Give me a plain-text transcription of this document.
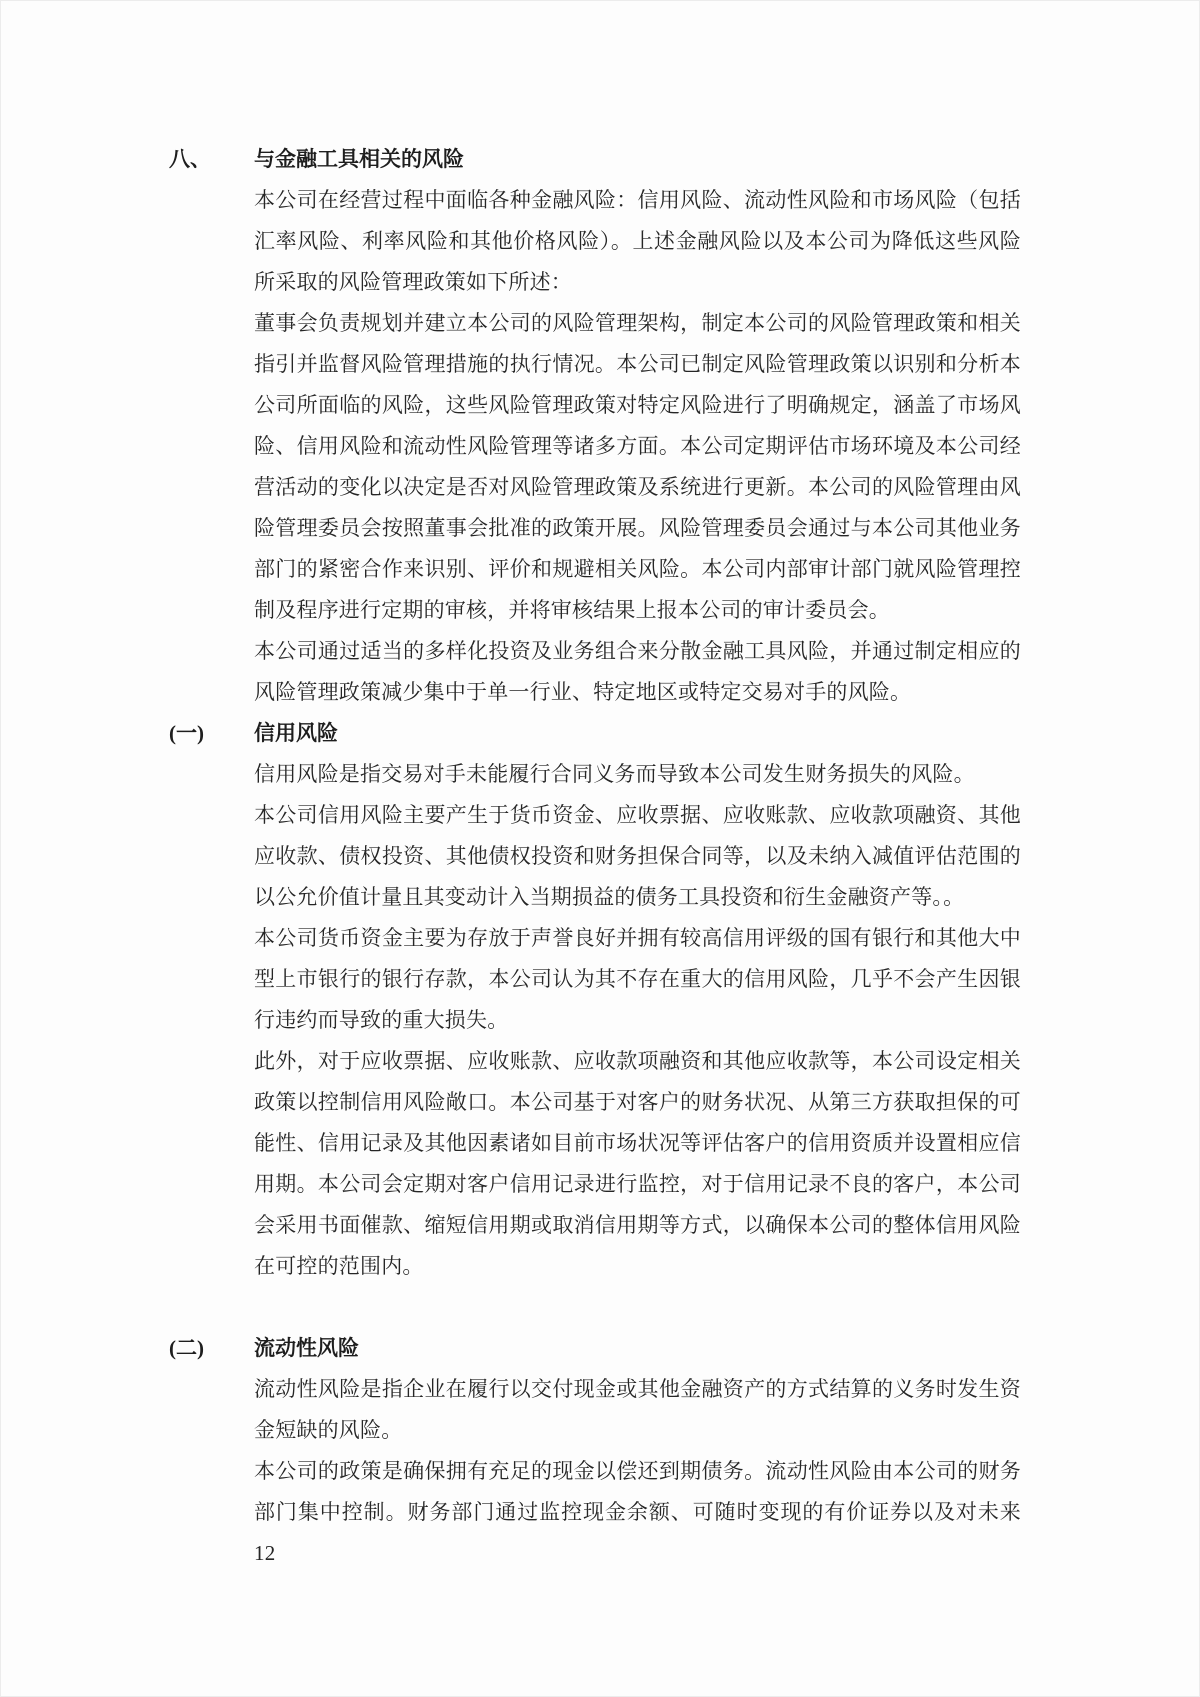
八、	与金融工具相关的风险

本公司在经营过程中面临各种金融风险：信用风险、流动性风险和市场风险（包括汇率风险、利率风险和其他价格风险）。上述金融风险以及本公司为降低这些风险所采取的风险管理政策如下所述：

董事会负责规划并建立本公司的风险管理架构，制定本公司的风险管理政策和相关指引并监督风险管理措施的执行情况。本公司已制定风险管理政策以识别和分析本公司所面临的风险，这些风险管理政策对特定风险进行了明确规定，涵盖了市场风险、信用风险和流动性风险管理等诸多方面。本公司定期评估市场环境及本公司经营活动的变化以决定是否对风险管理政策及系统进行更新。本公司的风险管理由风险管理委员会按照董事会批准的政策开展。风险管理委员会通过与本公司其他业务部门的紧密合作来识别、评价和规避相关风险。本公司内部审计部门就风险管理控制及程序进行定期的审核，并将审核结果上报本公司的审计委员会。

本公司通过适当的多样化投资及业务组合来分散金融工具风险，并通过制定相应的风险管理政策减少集中于单一行业、特定地区或特定交易对手的风险。

(一)	信用风险

信用风险是指交易对手未能履行合同义务而导致本公司发生财务损失的风险。

本公司信用风险主要产生于货币资金、应收票据、应收账款、应收款项融资、其他应收款、债权投资、其他债权投资和财务担保合同等，以及未纳入减值评估范围的以公允价值计量且其变动计入当期损益的债务工具投资和衍生金融资产等。。

本公司货币资金主要为存放于声誉良好并拥有较高信用评级的国有银行和其他大中型上市银行的银行存款，本公司认为其不存在重大的信用风险，几乎不会产生因银行违约而导致的重大损失。

此外，对于应收票据、应收账款、应收款项融资和其他应收款等，本公司设定相关政策以控制信用风险敞口。本公司基于对客户的财务状况、从第三方获取担保的可能性、信用记录及其他因素诸如目前市场状况等评估客户的信用资质并设置相应信用期。本公司会定期对客户信用记录进行监控，对于信用记录不良的客户，本公司会采用书面催款、缩短信用期或取消信用期等方式，以确保本公司的整体信用风险在可控的范围内。

(二)	流动性风险

流动性风险是指企业在履行以交付现金或其他金融资产的方式结算的义务时发生资金短缺的风险。

本公司的政策是确保拥有充足的现金以偿还到期债务。流动性风险由本公司的财务部门集中控制。财务部门通过监控现金余额、可随时变现的有价证券以及对未来 12
